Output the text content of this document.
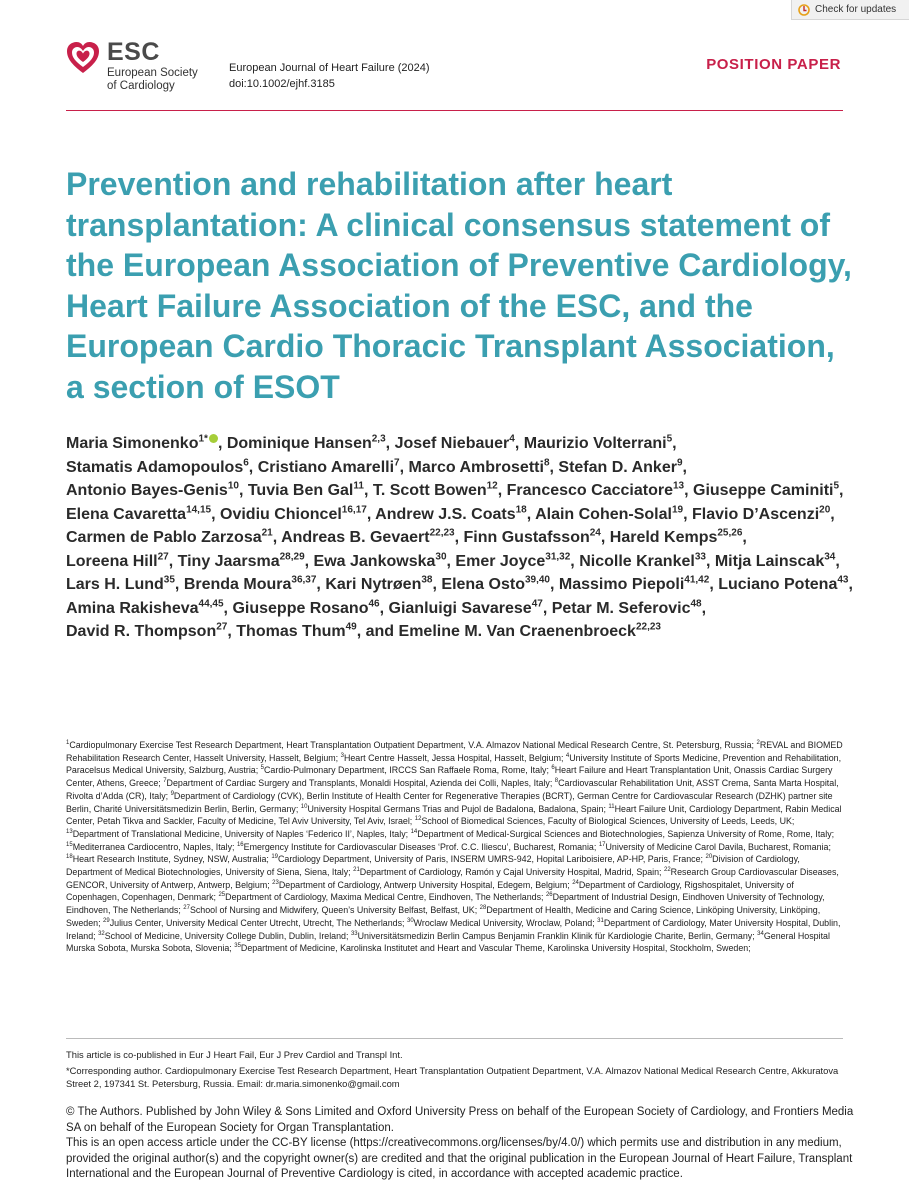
Check for updates
ESC
European Society
of Cardiology
European Journal of Heart Failure (2024)
doi:10.1002/ejhf.3185
POSITION PAPER
Prevention and rehabilitation after heart transplantation: A clinical consensus statement of the European Association of Preventive Cardiology, Heart Failure Association of the ESC, and the European Cardio Thoracic Transplant Association, a section of ESOT
Maria Simonenko$^{1*}$ , Dominique Hansen$^{2,3}$, Josef Niebauer$^4$, Maurizio Volterrani$^5$, Stamatis Adamopoulos$^6$, Cristiano Amarelli$^7$, Marco Ambrosetti$^8$, Stefan D. Anker$^9$, Antonio Bayes-Genis$^{10}$, Tuvia Ben Gal$^{11}$, T. Scott Bowen$^{12}$, Francesco Cacciatore$^{13}$, Giuseppe Caminiti$^5$, Elena Cavaretta$^{14,15}$, Ovidiu Chioncel$^{16,17}$, Andrew J.S. Coats$^{18}$, Alain Cohen-Solal$^{19}$, Flavio D’Ascenzi$^{20}$, Carmen de Pablo Zarzosa$^{21}$, Andreas B. Gevaert$^{22,23}$, Finn Gustafsson$^{24}$, Hareld Kemps$^{25,26}$, Loreena Hill$^{27}$, Tiny Jaarsma$^{28,29}$, Ewa Jankowska$^{30}$, Emer Joyce$^{31,32}$, Nicolle Krankel$^{33}$, Mitja Lainscak$^{34}$, Lars H. Lund$^{35}$, Brenda Moura$^{36,37}$, Kari Nytrøen$^{38}$, Elena Osto$^{39,40}$, Massimo Piepoli$^{41,42}$, Luciano Potena$^{43}$, Amina Rakisheva$^{44,45}$, Giuseppe Rosano$^{46}$, Gianluigi Savarese$^{47}$, Petar M. Seferovic$^{48}$, David R. Thompson$^{27}$, Thomas Thum$^{49}$, and Emeline M. Van Craenenbroeck$^{22,23}$
$^1$Cardiopulmonary Exercise Test Research Department, Heart Transplantation Outpatient Department, V.A. Almazov National Medical Research Centre, St. Petersburg, Russia; $^2$REVAL and BIOMED Rehabilitation Research Center, Hasselt University, Hasselt, Belgium; $^3$Heart Centre Hasselt, Jessa Hospital, Hasselt, Belgium; $^4$University Institute of Sports Medicine, Prevention and Rehabilitation, Paracelsus Medical University, Salzburg, Austria; $^5$Cardio-Pulmonary Department, IRCCS San Raffaele Roma, Rome, Italy; $^6$Heart Failure and Heart Transplantation Unit, Onassis Cardiac Surgery Center, Athens, Greece; $^7$Department of Cardiac Surgery and Transplants, Monaldi Hospital, Azienda dei Colli, Naples, Italy; $^8$Cardiovascular Rehabilitation Unit, ASST Crema, Santa Marta Hospital, Rivolta d’Adda (CR), Italy; $^9$Department of Cardiology (CVK), Berlin Institute of Health Center for Regenerative Therapies (BCRT), German Centre for Cardiovascular Research (DZHK) partner site Berlin, Charité Universitätsmedizin Berlin, Berlin, Germany; $^{10}$University Hospital Germans Trias and Pujol de Badalona, Badalona, Spain; $^{11}$Heart Failure Unit, Cardiology Department, Rabin Medical Center, Petah Tikva and Sackler, Faculty of Medicine, Tel Aviv University, Tel Aviv, Israel; $^{12}$School of Biomedical Sciences, Faculty of Biological Sciences, University of Leeds, Leeds, UK; $^{13}$Department of Translational Medicine, University of Naples ‘Federico II’, Naples, Italy; $^{14}$Department of Medical-Surgical Sciences and Biotechnologies, Sapienza University of Rome, Rome, Italy; $^{15}$Mediterranea Cardiocentro, Naples, Italy; $^{16}$Emergency Institute for Cardiovascular Diseases ‘Prof. C.C. Iliescu’, Bucharest, Romania; $^{17}$University of Medicine Carol Davila, Bucharest, Romania; $^{18}$Heart Research Institute, Sydney, NSW, Australia; $^{19}$Cardiology Department, University of Paris, INSERM UMRS-942, Hopital Lariboisiere, AP-HP, Paris, France; $^{20}$Division of Cardiology, Department of Medical Biotechnologies, University of Siena, Siena, Italy; $^{21}$Department of Cardiology, Ramón y Cajal University Hospital, Madrid, Spain; $^{22}$Research Group Cardiovascular Diseases, GENCOR, University of Antwerp, Antwerp, Belgium; $^{23}$Department of Cardiology, Antwerp University Hospital, Edegem, Belgium; $^{24}$Department of Cardiology, Rigshospitalet, University of Copenhagen, Copenhagen, Denmark; $^{25}$Department of Cardiology, Maxima Medical Centre, Eindhoven, The Netherlands; $^{26}$Department of Industrial Design, Eindhoven University of Technology, Eindhoven, The Netherlands; $^{27}$School of Nursing and Midwifery, Queen’s University Belfast, Belfast, UK; $^{28}$Department of Health, Medicine and Caring Science, Linköping University, Linköping, Sweden; $^{29}$Julius Center, University Medical Center Utrecht, Utrecht, The Netherlands; $^{30}$Wroclaw Medical University, Wroclaw, Poland; $^{31}$Department of Cardiology, Mater University Hospital, Dublin, Ireland; $^{32}$School of Medicine, University College Dublin, Dublin, Ireland; $^{33}$Universitätsmedizin Berlin Campus Benjamin Franklin Klinik für Kardiologie Charite, Berlin, Germany; $^{34}$General Hospital Murska Sobota, Murska Sobota, Slovenia; $^{35}$Department of Medicine, Karolinska Institutet and Heart and Vascular Theme, Karolinska University Hospital, Stockholm, Sweden;
This article is co-published in Eur J Heart Fail, Eur J Prev Cardiol and Transpl Int.
*Corresponding author. Cardiopulmonary Exercise Test Research Department, Heart Transplantation Outpatient Department, V.A. Almazov National Medical Research Centre, Akkuratova Street 2, 197341 St. Petersburg, Russia. Email: dr.maria.simonenko@gmail.com
© The Authors. Published by John Wiley & Sons Limited and Oxford University Press on behalf of the European Society of Cardiology, and Frontiers Media SA on behalf of the European Society for Organ Transplantation.
This is an open access article under the CC-BY license (https://creativecommons.org/licenses/by/4.0/) which permits use and distribution in any medium, provided the original author(s) and the copyright owner(s) are credited and that the original publication in the European Journal of Heart Failure, Transplant International and the European Journal of Preventive Cardiology is cited, in accordance with accepted academic practice.
